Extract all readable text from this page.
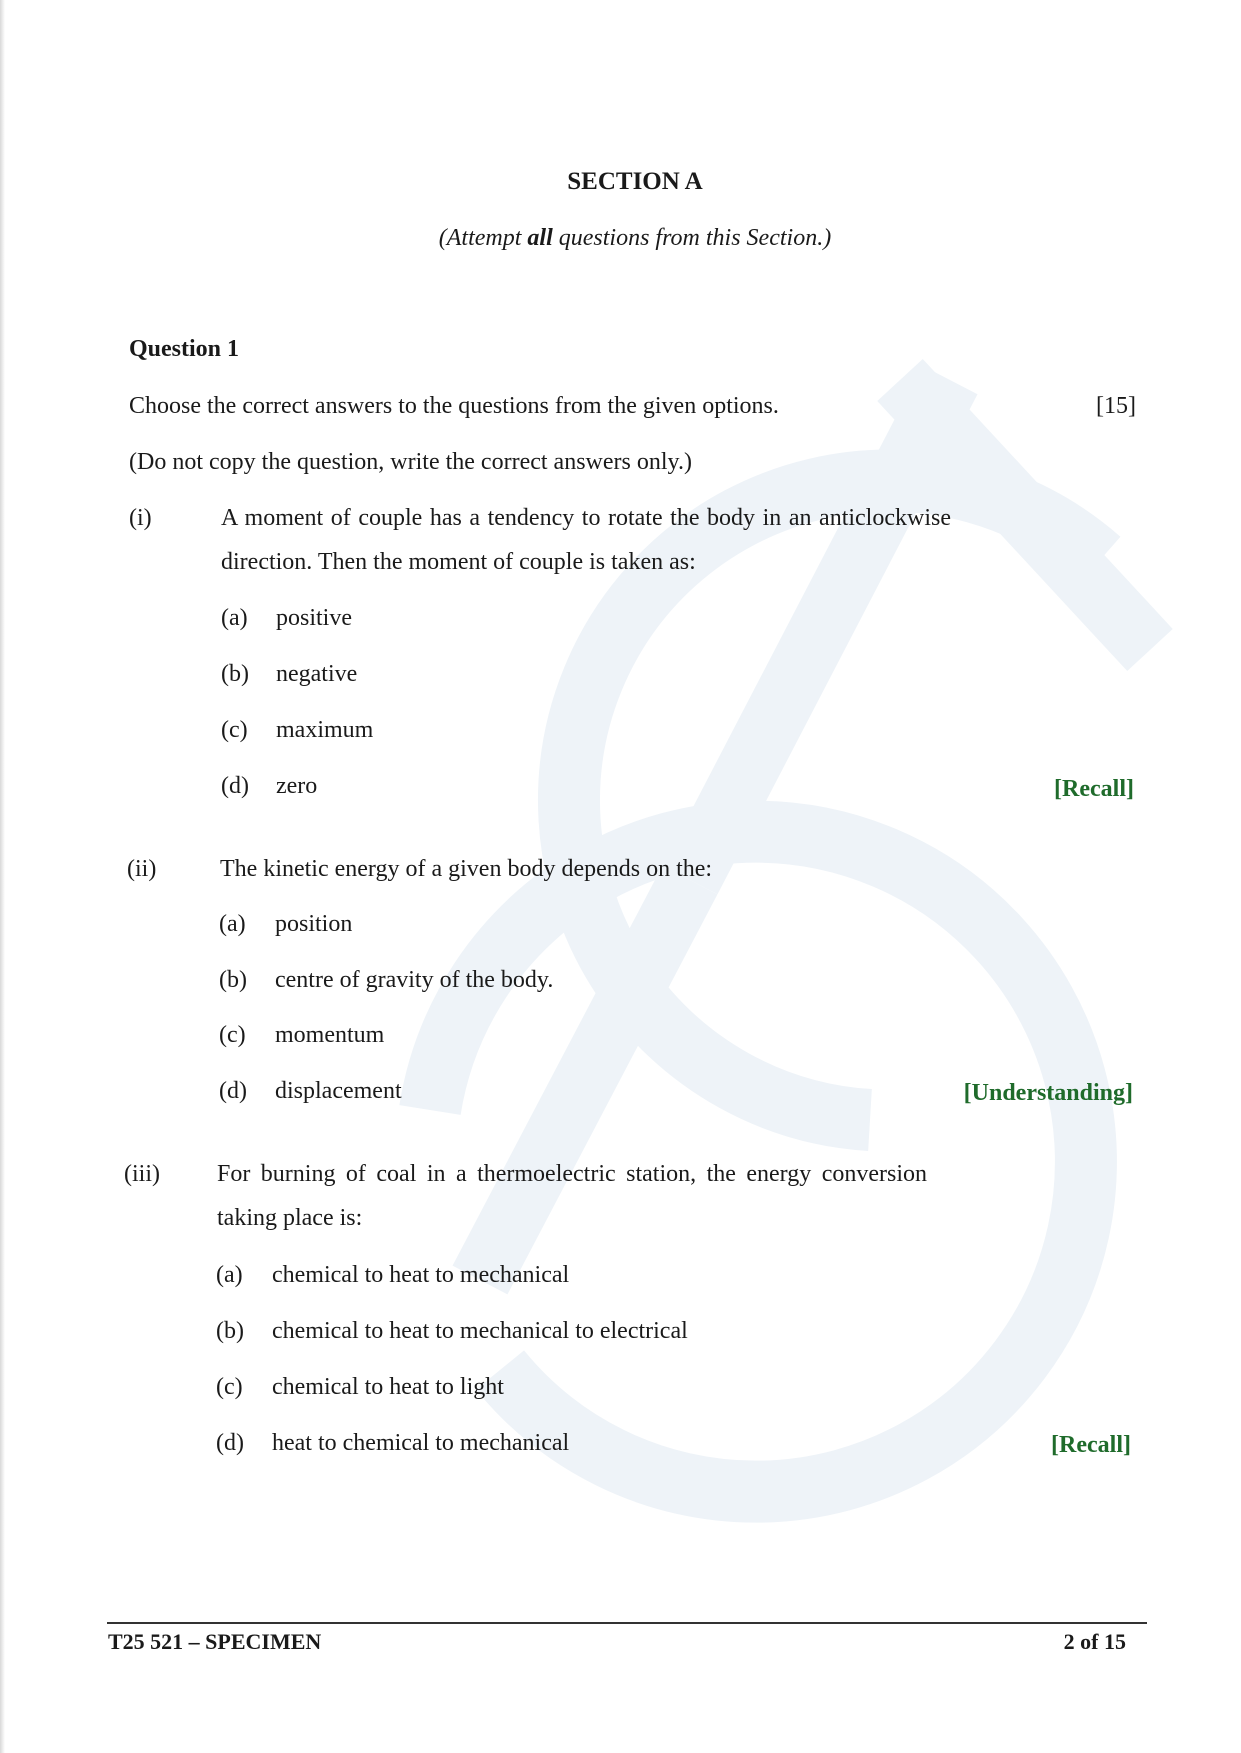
SECTION A
(Attempt all questions from this Section.)
Question 1
Choose the correct answers to the questions from the given options.	[15]
(Do not copy the question, write the correct answers only.)
(i)	A moment of couple has a tendency to rotate the body in an anticlockwise direction. Then the moment of couple is taken as:
(a) positive
(b) negative
(c) maximum
(d) zero	[Recall]
(ii)	The kinetic energy of a given body depends on the:
(a) position
(b) centre of gravity of the body.
(c) momentum
(d) displacement	[Understanding]
(iii) For burning of coal in a thermoelectric station, the energy conversion taking place is:
(a) chemical to heat to mechanical
(b) chemical to heat to mechanical to electrical
(c) chemical to heat to light
(d) heat to chemical to mechanical	[Recall]
T25 521 – SPECIMEN	2 of 15
